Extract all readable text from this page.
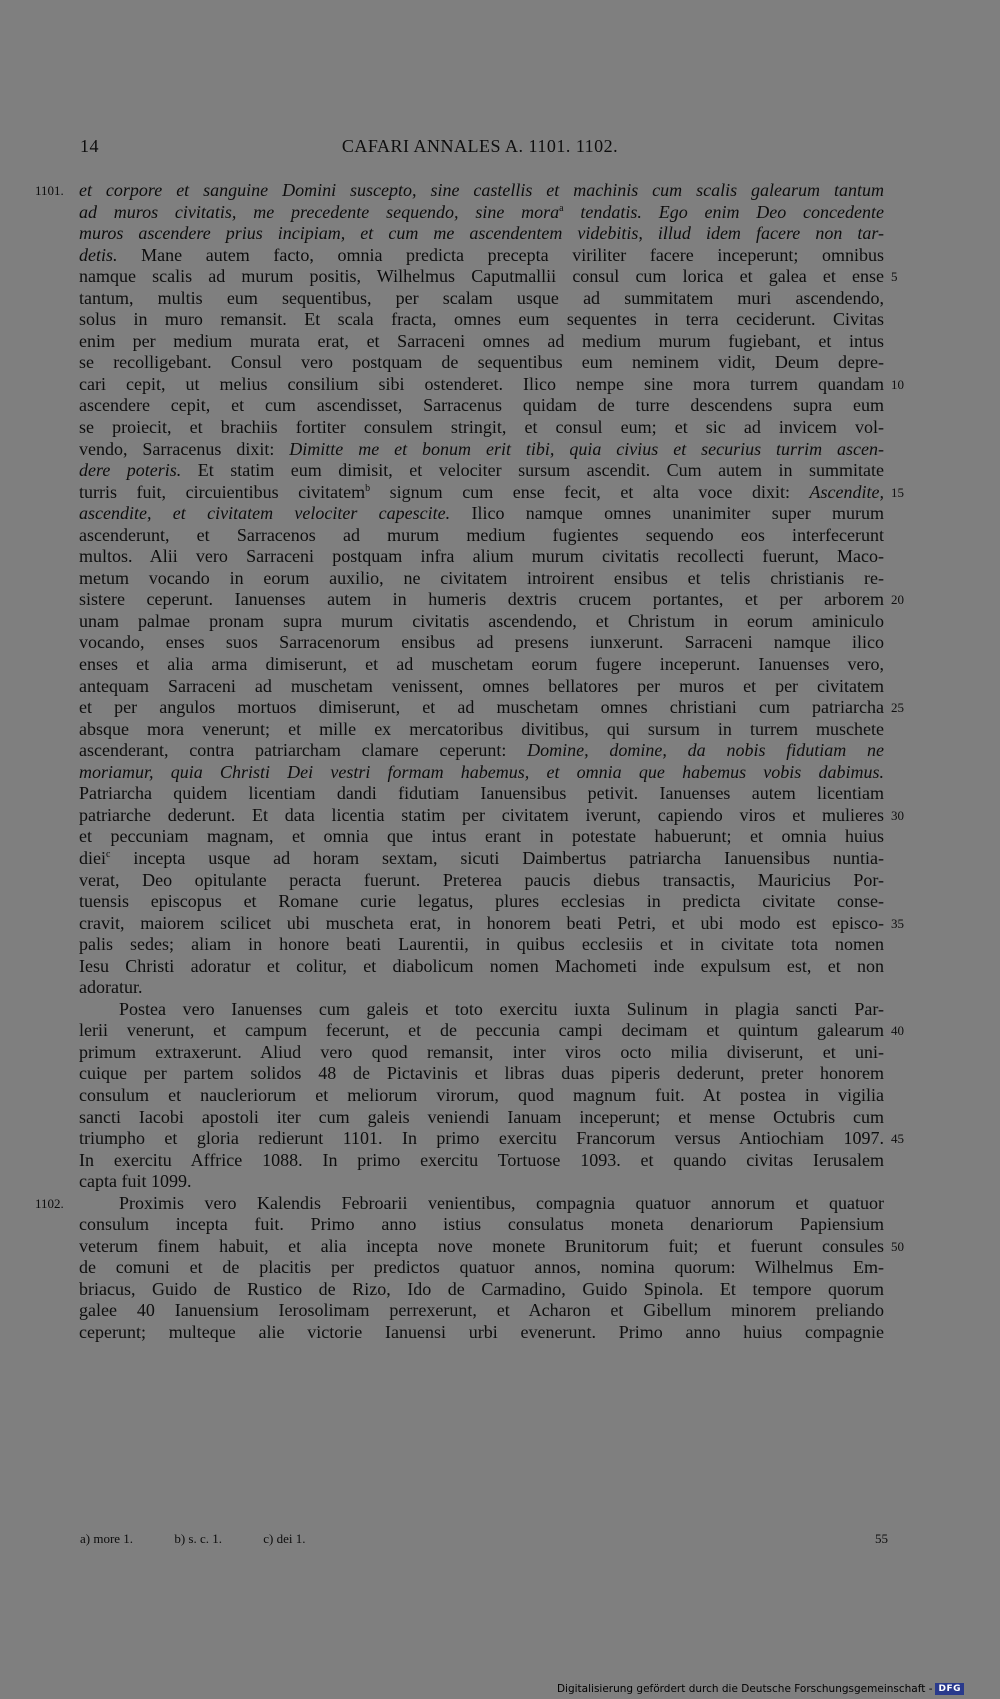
14	CAFARI ANNALES A. 1101. 1102.
1101. et corpore et sanguine Domini suscepto, sine castellis et machinis cum scalis galearum tantum
ad muros civitatis, me precedente sequendo, sine mora$^a$ tendatis. Ego enim Deo concedente
muros ascendere prius incipiam, et cum me ascendentem videbitis, illud idem facere non tar-
detis. Mane autem facto, omnia predicta precepta viriliter facere inceperunt; omnibus
namque scalis ad murum positis, Wilhelmus Caputmallii consul cum lorica et galea et ense 5
tantum, multis eum sequentibus, per scalam usque ad summitatem muri ascendendo,
solus in muro remansit. Et scala fracta, omnes eum sequentes in terra ceciderunt. Civitas
enim per medium murata erat, et Sarraceni omnes ad medium murum fugiebant, et intus
se recolligebant. Consul vero postquam de sequentibus eum neminem vidit, Deum depre-
cari cepit, ut melius consilium sibi ostenderet. Ilico nempe sine mora turrem quandam 10
ascendere cepit, et cum ascendisset, Sarracenus quidam de turre descendens supra eum
se proiecit, et brachiis fortiter consulem stringit, et consul eum; et sic ad invicem vol-
vendo, Sarracenus dixit: Dimitte me et bonum erit tibi, quia civius et securius turrim ascen-
dere poteris. Et statim eum dimisit, et velociter sursum ascendit. Cum autem in summitate
turris fuit, circuientibus civitatem$^b$ signum cum ense fecit, et alta voce dixit: Ascendite, 15
ascendite, et civitatem velociter capescite. Ilico namque omnes unanimiter super murum
ascenderunt, et Sarracenos ad murum medium fugientes sequendo eos interfecerunt
multos. Alii vero Sarraceni postquam infra alium murum civitatis recollecti fuerunt, Maco-
metum vocando in eorum auxilio, ne civitatem introirent ensibus et telis christianis re-
sistere ceperunt. Ianuenses autem in humeris dextris crucem portantes, et per arborem 20
unam palmae pronam supra murum civitatis ascendendo, et Christum in eorum aminiculo
vocando, enses suos Sarracenorum ensibus ad presens iunxerunt. Sarraceni namque ilico
enses et alia arma dimiserunt, et ad muschetam eorum fugere inceperunt. Ianuenses vero,
antequam Sarraceni ad muschetam venissent, omnes bellatores per muros et per civitatem
et per angulos mortuos dimiserunt, et ad muschetam omnes christiani cum patriarcha 25
absque mora venerunt; et mille ex mercatoribus divitibus, qui sursum in turrem muschete
ascenderant, contra patriarcham clamare ceperunt: Domine, domine, da nobis fidutiam ne
moriamur, quia Christi Dei vestri formam habemus, et omnia que habemus vobis dabimus.
Patriarcha quidem licentiam dandi fidutiam Ianuensibus petivit. Ianuenses autem licentiam
patriarche dederunt. Et data licentia statim per civitatem iverunt, capiendo viros et mulieres 30
et peccuniam magnam, et omnia que intus erant in potestate habuerunt; et omnia huius
diei$^c$ incepta usque ad horam sextam, sicuti Daimbertus patriarcha Ianuensibus nuntia-
verat, Deo opitulante peracta fuerunt. Preterea paucis diebus transactis, Mauricius Por-
tuensis episcopus et Romane curie legatus, plures ecclesias in predicta civitate conse-
cravit, maiorem scilicet ubi muscheta erat, in honorem beati Petri, et ubi modo est episco- 35
palis sedes; aliam in honore beati Laurentii, in quibus ecclesiis et in civitate tota nomen
Iesu Christi adoratur et colitur, et diabolicum nomen Machometi inde expulsum est, et non
adoratur.
Postea vero Ianuenses cum galeis et toto exercitu iuxta Sulinum in plagia sancti Par-
lerii venerunt, et campum fecerunt, et de peccunia campi decimam et quintum galearum 40
primum extraxerunt. Aliud vero quod remansit, inter viros octo milia diviserunt, et uni-
cuique per partem solidos 48 de Pictavinis et libras duas piperis dederunt, preter honorem
consulum et naucleriorum et meliorum virorum, quod magnum fuit. At postea in vigilia
sancti Iacobi apostoli iter cum galeis veniendi Ianuam inceperunt; et mense Octubris cum
triumpho et gloria redierunt 1101. In primo exercitu Francorum versus Antiochiam 1097. 45
In exercitu Affrice 1088. In primo exercitu Tortuose 1093. et quando civitas Ierusalem
capta fuit 1099.
1102.	Proximis vero Kalendis Febroarii venientibus, compagnia quatuor annorum et quatuor
consulum incepta fuit. Primo anno istius consulatus moneta denariorum Papiensium
veterum finem habuit, et alia incepta nove monete Brunitorum fuit; et fuerunt consules 50
de comuni et de placitis per predictos quatuor annos, nomina quorum: Wilhelmus Em-
briacus, Guido de Rustico de Rizo, Ido de Carmadino, Guido Spinola. Et tempore quorum
galee 40 Ianuensium Ierosolimam perrexerunt, et Acharon et Gibellum minorem preliando
ceperunt; multeque alie victorie Ianuensi urbi evenerunt. Primo anno huius compagnie
a) more 1.	b) s. c. 1.	c) dei 1.	55
Digitalisierung gefördert durch die Deutsche Forschungsgemeinschaft - DFG
